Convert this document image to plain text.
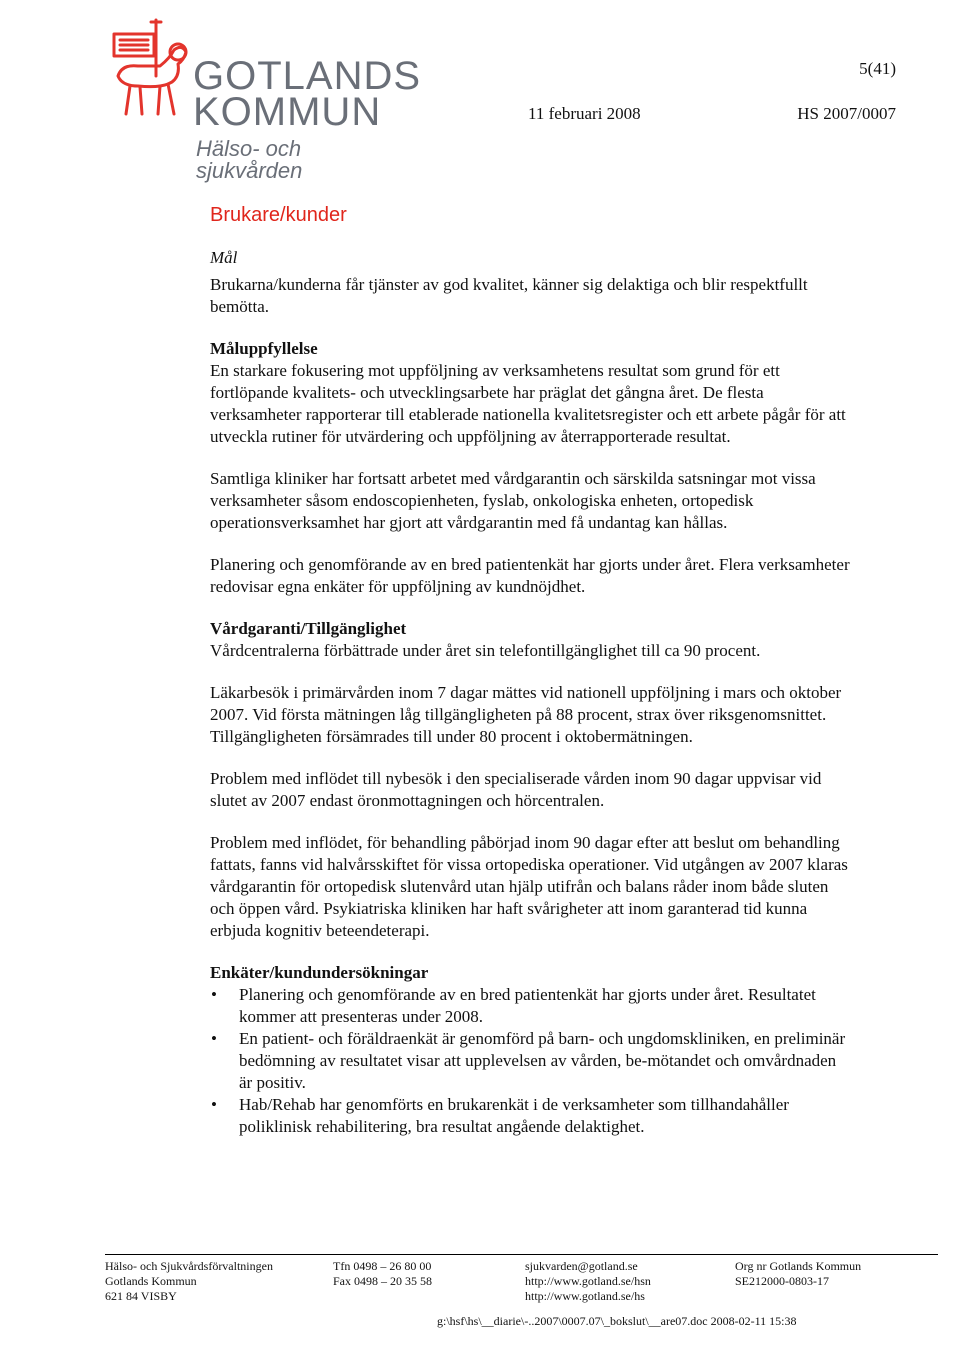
GOTLANDS
KOMMUN
Hälso- och sjukvården
5(41)
11 februari 2008	HS 2007/0007
Brukare/kunder

Mål

Brukarna/kunderna får tjänster av god kvalitet, känner sig delaktiga och blir respektfullt bemötta.

Måluppfyllelse

En starkare fokusering mot uppföljning av verksamhetens resultat som grund för ett fortlöpande kvalitets- och utvecklingsarbete har präglat det gångna året. De flesta verksamheter rapporterar till etablerade nationella kvalitetsregister och ett arbete pågår för att utveckla rutiner för utvärdering och uppföljning av återrapporterade resultat.

Samtliga kliniker har fortsatt arbetet med vårdgarantin och särskilda satsningar mot vissa verksamheter såsom endoscopienheten, fyslab, onkologiska enheten, ortopedisk operationsverksamhet har gjort att vårdgarantin med få undantag kan hållas.

Planering och genomförande av en bred patientenkät har gjorts under året. Flera verksamheter redovisar egna enkäter för uppföljning av kundnöjdhet.

Vårdgaranti/Tillgänglighet

Vårdcentralerna förbättrade under året sin telefontillgänglighet till ca 90 procent.

Läkarbesök i primärvården inom 7 dagar mättes vid nationell uppföljning i mars och oktober 2007. Vid första mätningen låg tillgängligheten på 88 procent, strax över riksgenomsnittet. Tillgängligheten försämrades till under 80 procent i oktobermätningen.

Problem med inflödet till nybesök i den specialiserade vården inom 90 dagar uppvisar vid slutet av 2007 endast öronmottagningen och hörcentralen.

Problem med inflödet, för behandling påbörjad inom 90 dagar efter att beslut om behandling fattats, fanns vid halvårsskiftet för vissa ortopediska operationer. Vid utgången av 2007 klaras vårdgarantin för ortopedisk slutenvård utan hjälp utifrån och balans råder inom både sluten och öppen vård. Psykiatriska kliniken har haft svårigheter att inom garanterad tid kunna erbjuda kognitiv beteendeterapi.

Enkäter/kundundersökningar

• Planering och genomförande av en bred patientenkät har gjorts under året. Resultatet kommer att presenteras under 2008.
• En patient- och föräldraenkät är genomförd på barn- och ungdomskliniken, en preliminär bedömning av resultatet visar att upplevelsen av vården, be-mötandet och omvårdnaden är positiv.
• Hab/Rehab har genomförts en brukarenkät i de verksamheter som tillhandahåller poliklinisk rehabilitering, bra resultat angående delaktighet.
Hälso- och Sjukvårdsförvaltningen
Gotlands Kommun
621 84 VISBY
Tfn 0498 – 26 80 00
Fax 0498 – 20 35 58
sjukvarden@gotland.se
http://www.gotland.se/hsn
http://www.gotland.se/hs
Org nr Gotlands Kommun
SE212000-0803-17
g:\hsf\hs\__diarie\-..2007\0007.07\_bokslut\__are07.doc 2008-02-11 15:38
